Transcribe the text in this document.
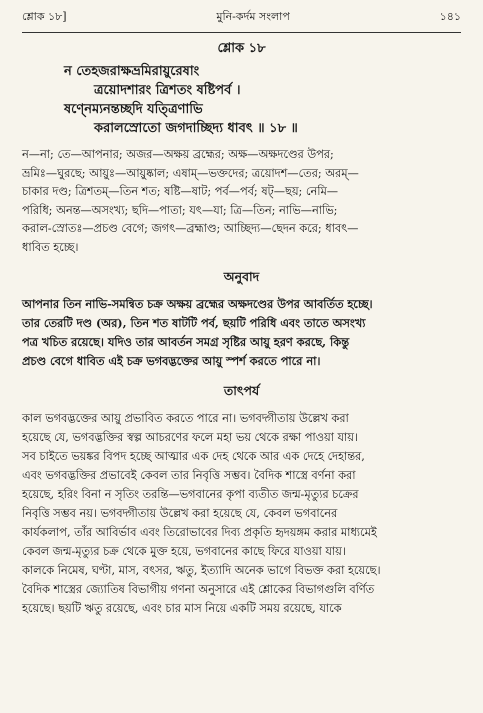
শ্লোক ১৮]	মুনি-কর্দম সংলাপ	১৪১
শ্লোক ১৮
ন তেহজরাক্ষভ্রমিরায়ুরেষাং
ত্রয়োদশারং ত্রিশতং ষষ্টিপর্ব ।
ষণ্নেম্যনন্তচ্ছদি যত্ত্রিণাভি
করালস্রোতো জগদাচ্ছিদ্য ধাবৎ ॥ ১৮ ॥
ন—না; তে—আপনার; অজর—অক্ষয় ব্রহ্মের; অক্ষ—অক্ষদণ্ডের উপর;
ভ্রমিঃ—ঘুরছে; আয়ুঃ—আয়ুষ্কাল; এষাম্—ভক্তদের; ত্রয়োদশ—তের; অরম্—
চাকার দণ্ড; ত্রিশতম্—তিন শত; ষষ্টি—ষাট; পর্ব—পর্ব; ষট্—ছয়; নেমি—
পরিধি; অনন্ত—অসংখ্য; ছদি—পাতা; যৎ—যা; ত্রি—তিন; নাভি—নাভি;
করাল-স্রোতঃ—প্রচণ্ড বেগে; জগৎ—ব্রহ্মাণ্ড; আচ্ছিদ্য—ছেদন করে; ধাবৎ—
ধাবিত হচ্ছে।
অনুবাদ
আপনার তিন নাভি-সমন্বিত চক্র অক্ষয় ব্রহ্মের অক্ষদণ্ডের উপর আবর্তিত হচ্ছে।
তার তেরটি দণ্ড (অর), তিন শত ষাটটি পর্ব, ছয়টি পরিধি এবং তাতে অসংখ্য
পত্র খচিত রয়েছে। যদিও তার আবর্তন সমগ্র সৃষ্টির আয়ু হরণ করছে, কিন্তু
প্রচণ্ড বেগে ধাবিত এই চক্র ভগবদ্ভক্তের আয়ু স্পর্শ করতে পারে না।
তাৎপর্য
কাল ভগবদ্ভক্তের আয়ু প্রভাবিত করতে পারে না। ভগবদ্গীতায় উল্লেখ করা
হয়েছে যে, ভগবদ্ভক্তির স্বল্প আচরণের ফলে মহা ভয় থেকে রক্ষা পাওয়া যায়।
সব চাইতে ভয়ঙ্কর বিপদ হচ্ছে আত্মার এক দেহ থেকে আর এক দেহে দেহান্তর,
এবং ভগবদ্ভক্তির প্রভাবেই কেবল তার নিবৃত্তি সম্ভব। বৈদিক শাস্ত্রে বর্ণনা করা
হয়েছে, হরিং বিনা ন সৃতিং তরন্তি—ভগবানের কৃপা ব্যতীত জন্ম-মৃত্যুর চক্রের
নিবৃত্তি সম্ভব নয়। ভগবদ্গীতায় উল্লেখ করা হয়েছে যে, কেবল ভগবানের
কার্যকলাপ, তাঁর আবির্ভাব এবং তিরোভাবের দিব্য প্রকৃতি হৃদয়ঙ্গম করার মাধ্যমেই
কেবল জন্ম-মৃত্যুর চক্র থেকে মুক্ত হয়ে, ভগবানের কাছে ফিরে যাওয়া যায়।
কালকে নিমেষ, ঘণ্টা, মাস, বৎসর, ঋতু, ইত্যাদি অনেক ভাগে বিভক্ত করা হয়েছে।
বৈদিক শাস্ত্রের জ্যোতিষ বিভাগীয় গণনা অনুসারে এই শ্লোকের বিভাগগুলি বর্ণিত
হয়েছে। ছয়টি ঋতু রয়েছে, এবং চার মাস নিয়ে একটি সময় রয়েছে, যাকে
